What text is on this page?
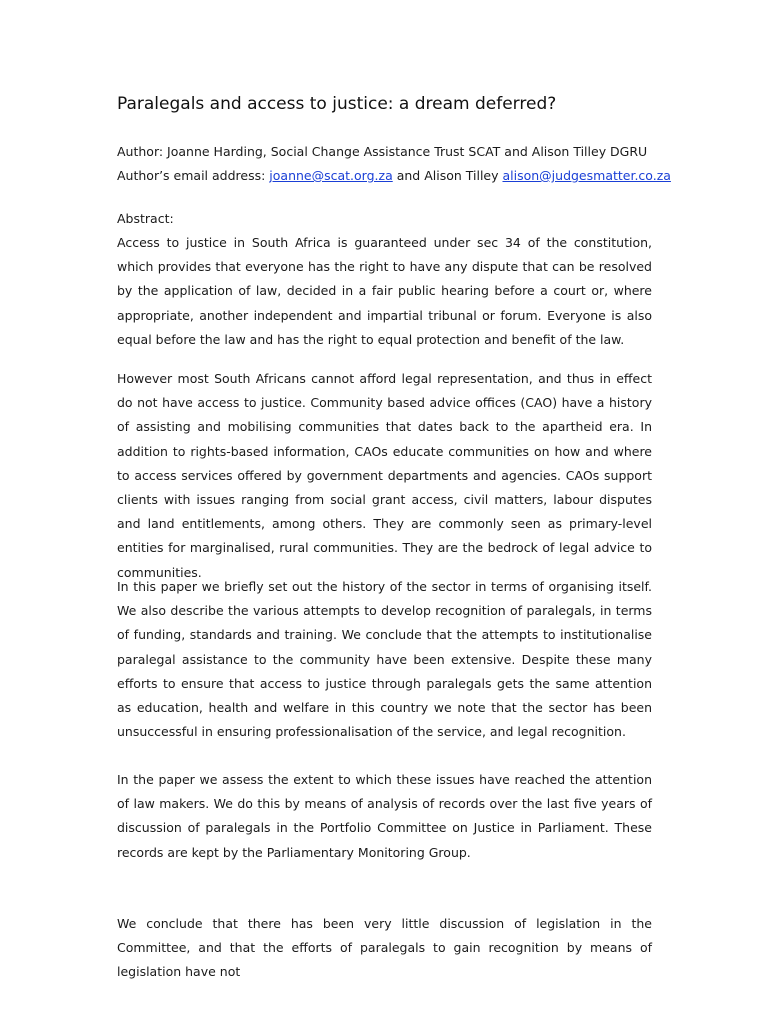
Paralegals and access to justice: a dream deferred?
Author: Joanne Harding, Social Change Assistance Trust SCAT and Alison Tilley DGRU
Author’s email address: joanne@scat.org.za and Alison Tilley alison@judgesmatter.co.za
Abstract:

Access to justice in South Africa is guaranteed under sec 34 of the constitution, which provides that everyone has the right to have any dispute that can be resolved by the application of law, decided in a fair public hearing before a court or, where appropriate, another independent and impartial tribunal or forum. Everyone is also equal before the law and has the right to equal protection and benefit of the law.

However most South Africans cannot afford legal representation, and thus in effect do not have access to justice. Community based advice offices (CAO) have a history of assisting and mobilising communities that dates back to the apartheid era. In addition to rights-based information, CAOs educate communities on how and where to access services offered by government departments and agencies. CAOs support clients with issues ranging from social grant access, civil matters, labour disputes and land entitlements, among others. They are commonly seen as primary-level entities for marginalised, rural communities. They are the bedrock of legal advice to communities.

In this paper we briefly set out the history of the sector in terms of organising itself. We also describe the various attempts to develop recognition of paralegals, in terms of funding, standards and training. We conclude that the attempts to institutionalise paralegal assistance to the community have been extensive. Despite these many efforts to ensure that access to justice through paralegals gets the same attention as education, health and welfare in this country we note that the sector has been unsuccessful in ensuring professionalisation of the service, and legal recognition.

In the paper we assess the extent to which these issues have reached the attention of law makers. We do this by means of analysis of records over the last five years of discussion of paralegals in the Portfolio Committee on Justice in Parliament. These records are kept by the Parliamentary Monitoring Group.

We conclude that there has been very little discussion of legislation in the Committee, and that the efforts of paralegals to gain recognition by means of legislation have not
